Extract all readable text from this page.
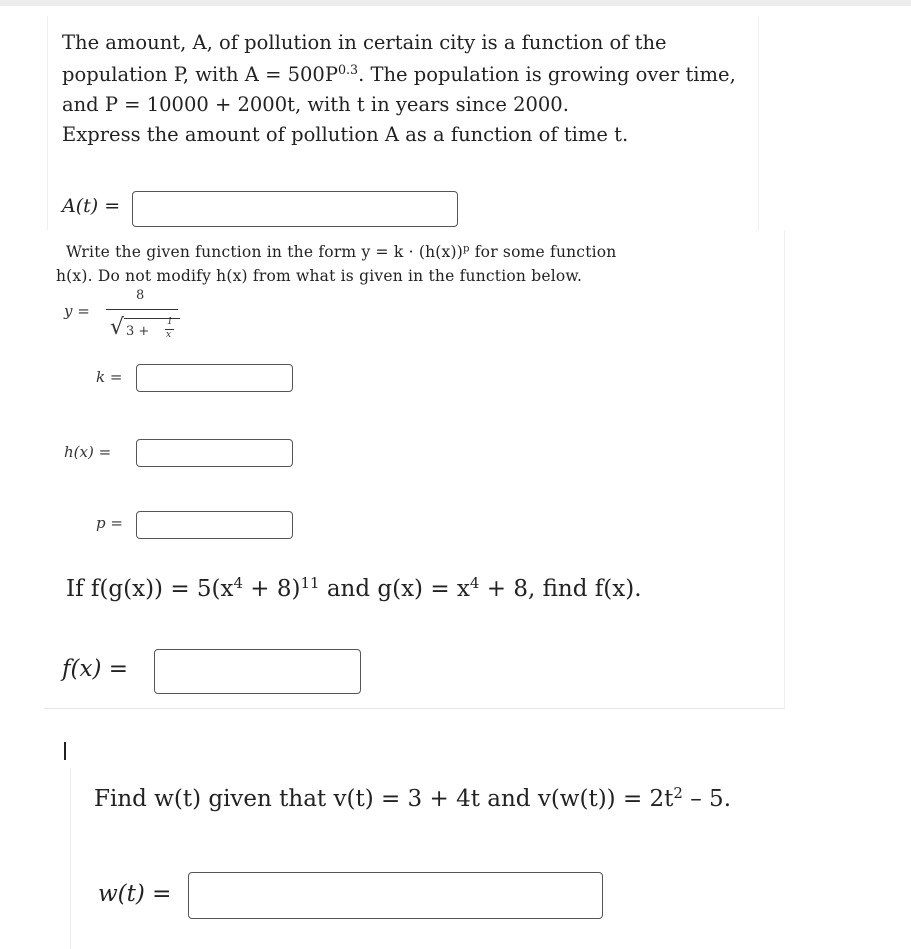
The amount, A, of pollution in certain city is a function of the
population P, with $A = 500P^{0.3}$. The population is growing over time,
and P = 10000 + 2000t, with t in years since 2000.
Express the amount of pollution A as a function of time t.
A(t) =
Write the given function in the form $y = k \cdot (h(x))^p$ for some function
h(x). Do not modify h(x) from what is given in the function below.
y =
8
√ 3 +
1
x
k =
h(x) =
p =
If $f(g(x)) = 5(x^4 + 8)^{11}$ and $g(x) = x^4 + 8$, find f(x).
f(x) =
Find w(t) given that v(t) = 3 + 4t and $v(w(t)) = 2t^2 - 5$.
w(t) =
